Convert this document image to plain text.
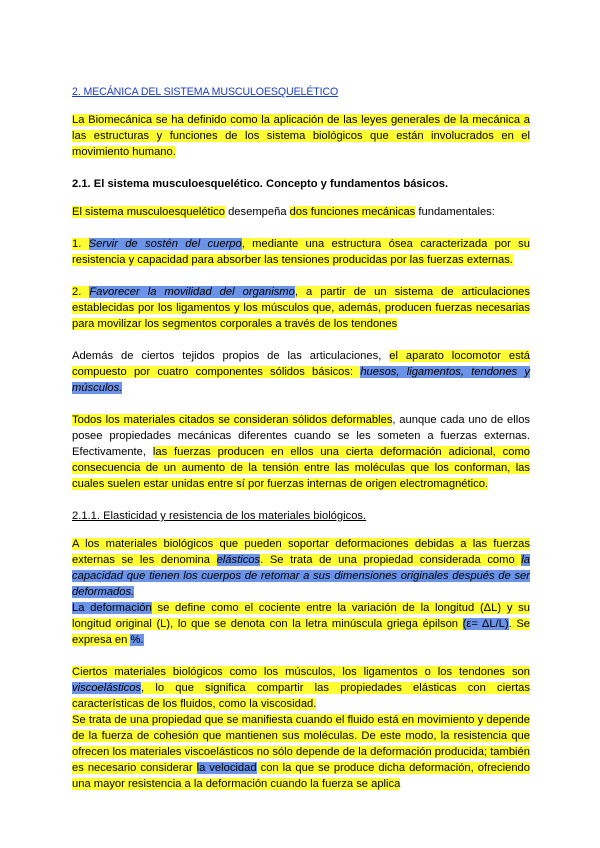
2. MECÁNICA DEL SISTEMA MUSCULOESQUELÉTICO

La Biomecánica se ha definido como la aplicación de las leyes generales de la mecánica a las estructuras y funciones de los sistema biológicos que están involucrados en el movimiento humano.

2.1. El sistema musculoesquelético. Concepto y fundamentos básicos.

El sistema musculoesquelético desempeña dos funciones mecánicas fundamentales:

1. Servir de sostén del cuerpo, mediante una estructura ósea caracterizada por su resistencia y capacidad para absorber las tensiones producidas por las fuerzas externas.

2. Favorecer la movilidad del organismo, a partir de un sistema de articulaciones establecidas por los ligamentos y los músculos que, además, producen fuerzas necesarias para movilizar los segmentos corporales a través de los tendones

Además de ciertos tejidos propios de las articulaciones, el aparato locomotor está compuesto por cuatro componentes sólidos básicos: huesos, ligamentos, tendones y músculos.

Todos los materiales citados se consideran sólidos deformables, aunque cada uno de ellos posee propiedades mecánicas diferentes cuando se les someten a fuerzas externas. Efectivamente, las fuerzas producen en ellos una cierta deformación adicional, como consecuencia de un aumento de la tensión entre las moléculas que los conforman, las cuales suelen estar unidas entre sí por fuerzas internas de origen electromagnético.

2.1.1. Elasticidad y resistencia de los materiales biológicos.

A los materiales biológicos que pueden soportar deformaciones debidas a las fuerzas externas se les denomina elásticos. Se trata de una propiedad considerada como la capacidad que tienen los cuerpos de retomar a sus dimensiones originales después de ser deformados.

La deformación se define como el cociente entre la variación de la longitud (ΔL) y su longitud original (L), lo que se denota con la letra minúscula griega épilson (ε= ΔL/L). Se expresa en %.

Ciertos materiales biológicos como los músculos, los ligamentos o los tendones son viscoelásticos, lo que significa compartir las propiedades elásticas con ciertas características de los fluidos, como la viscosidad.

Se trata de una propiedad que se manifiesta cuando el fluido está en movimiento y depende de la fuerza de cohesión que mantienen sus moléculas. De este modo, la resistencia que ofrecen los materiales viscoelásticos no sólo depende de la deformación producida; también es necesario considerar la velocidad con la que se produce dicha deformación, ofreciendo una mayor resistencia a la deformación cuando la fuerza se aplica
